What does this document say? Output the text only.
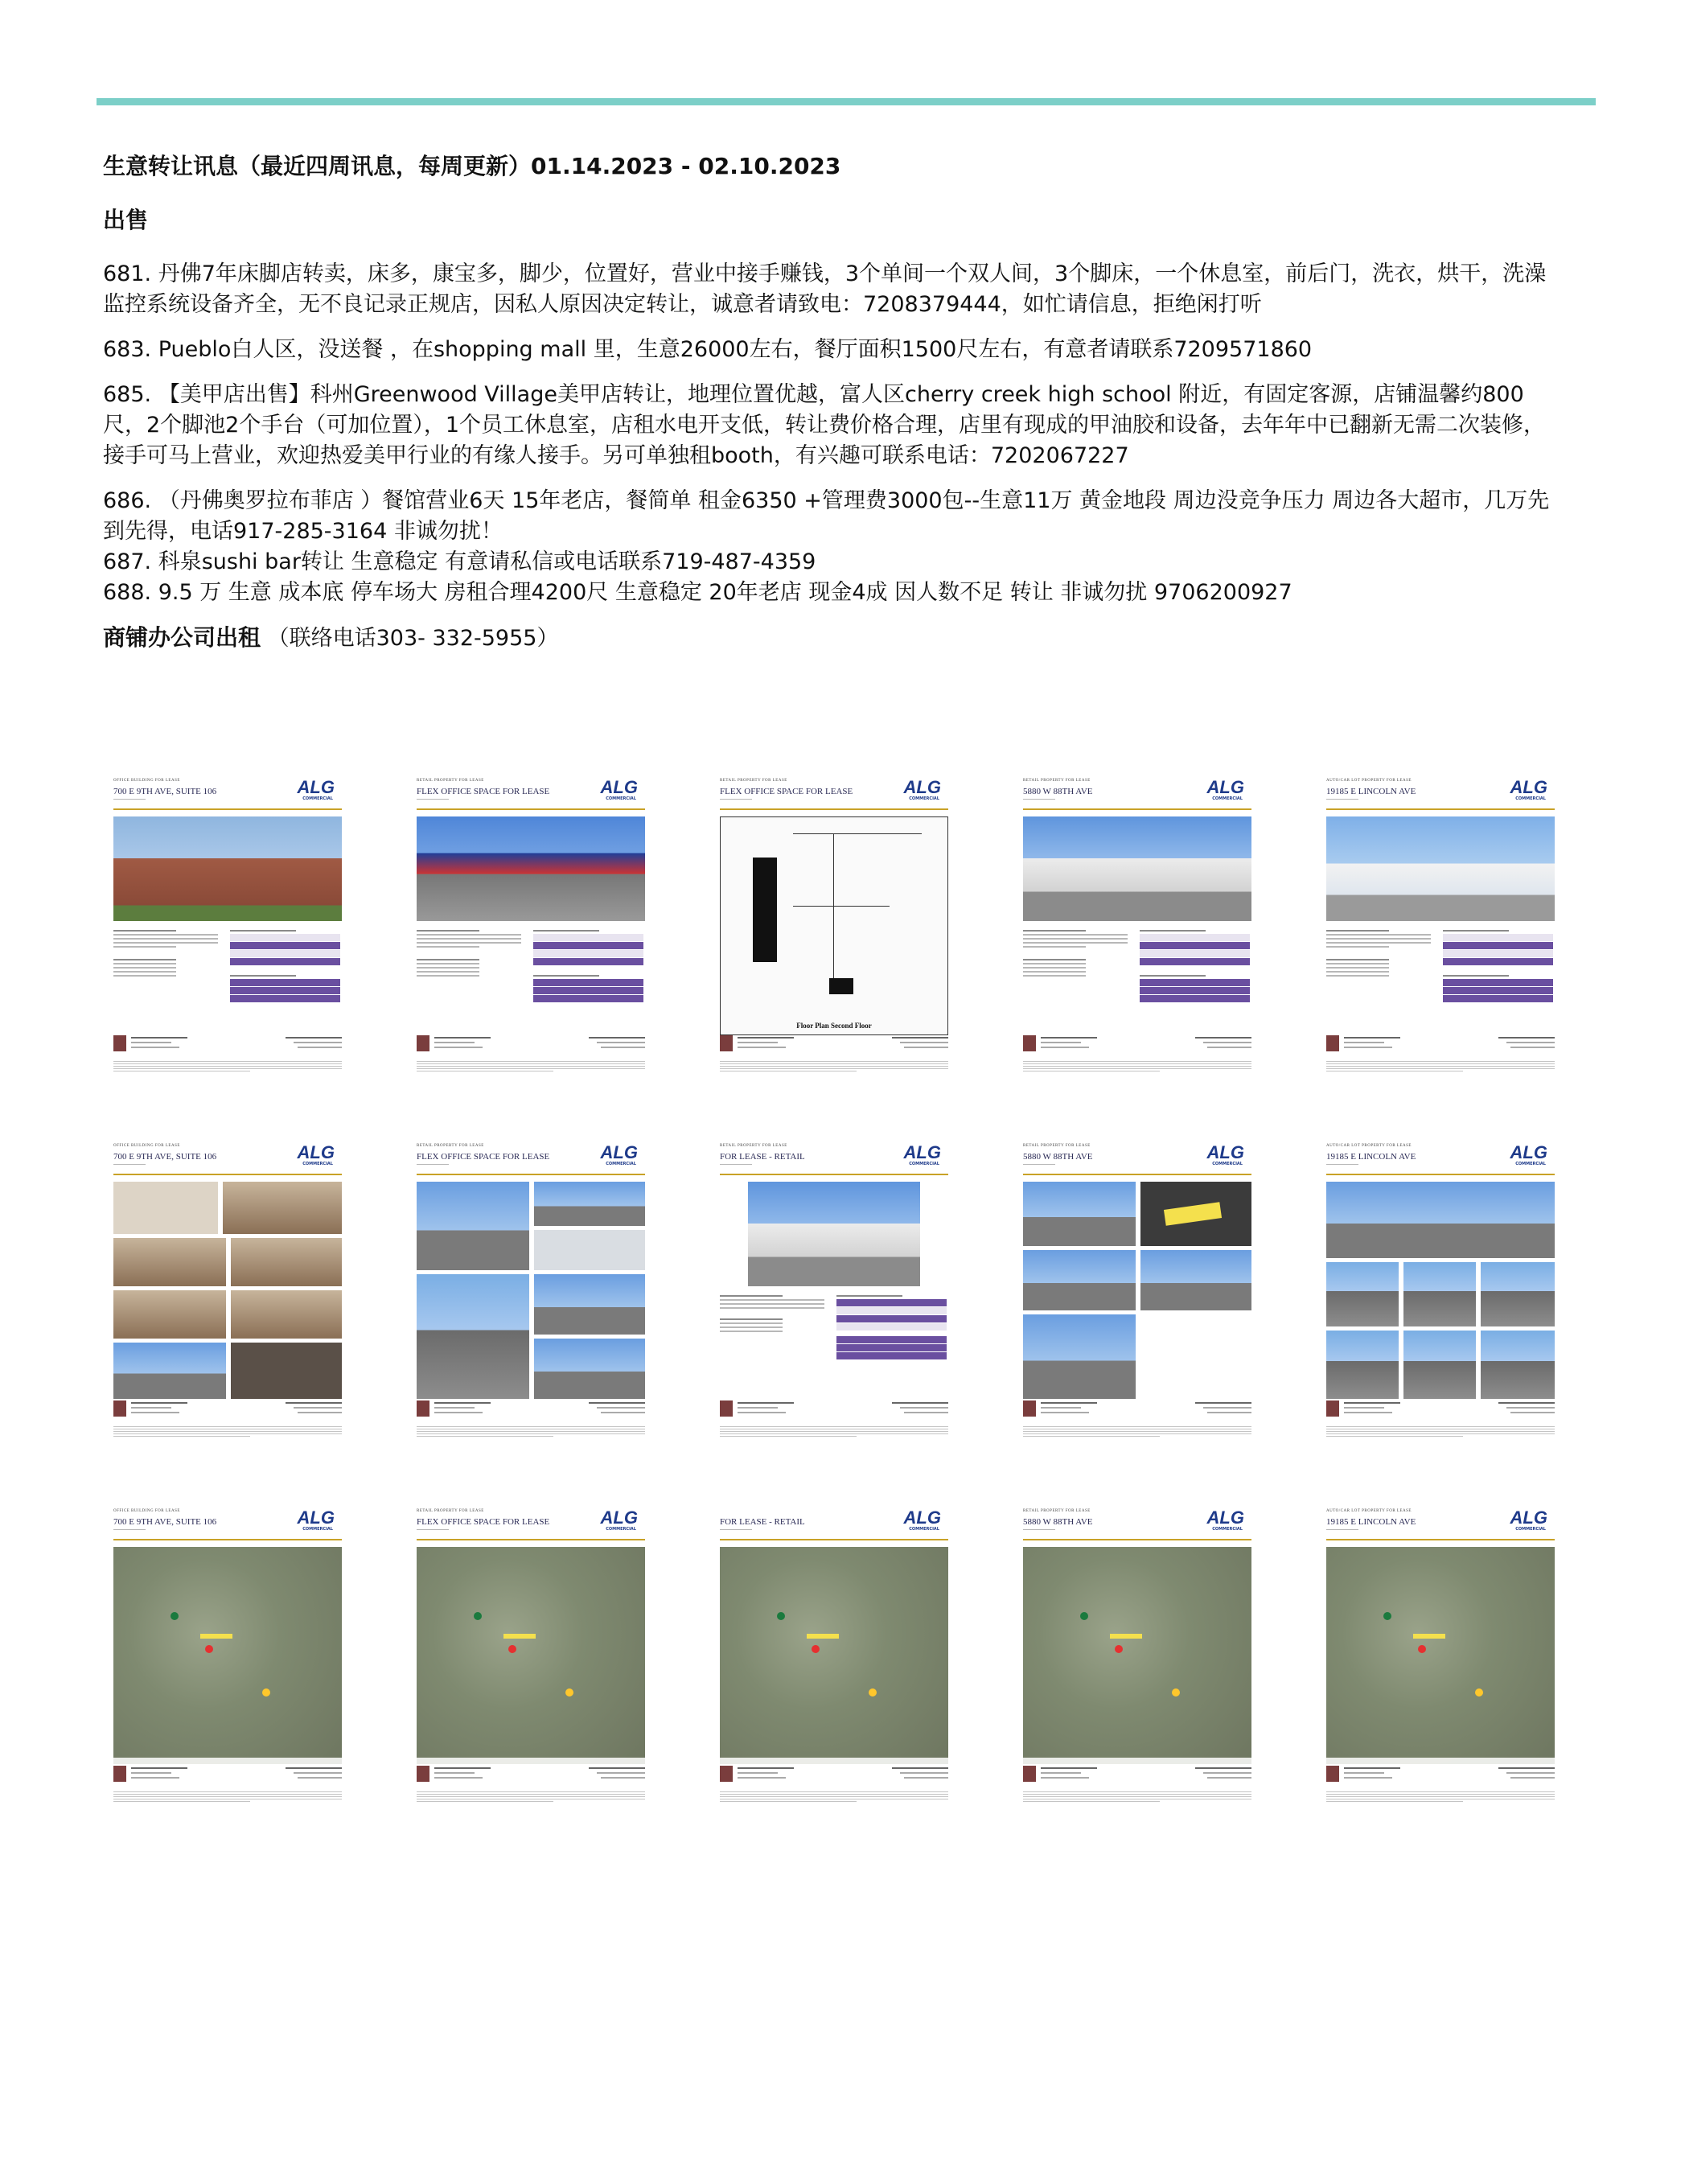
生意转让讯息（最近四周讯息，每周更新）01.14.2023 - 02.10.2023

出售

681. 丹佛7年床脚店转卖，床多，康宝多，脚少，位置好，营业中接手赚钱，3个单间一个双人间，3个脚床，一个休息室，前后门，洗衣，烘干，洗澡监控系统设备齐全，无不良记录正规店，因私人原因决定转让，诚意者请致电：7208379444，如忙请信息，拒绝闲打听

683. Pueblo白人区，没送餐 ，在shopping mall 里，生意26000左右，餐厅面积1500尺左右，有意者请联系7209571860

685. 【美甲店出售】科州Greenwood Village美甲店转让，地理位置优越，富人区cherry creek high school 附近，有固定客源，店铺温馨约800尺，2个脚池2个手台（可加位置），1个员工休息室，店租水电开支低，转让费价格合理，店里有现成的甲油胶和设备，去年年中已翻新无需二次装修，接手可马上营业，欢迎热爱美甲行业的有缘人接手。另可单独租booth，有兴趣可联系电话：7202067227

686. （丹佛奥罗拉布菲店 ）餐馆营业6天 15年老店，餐简单 租金6350 +管理费3000包--生意11万 黄金地段 周边没竞争压力 周边各大超市，几万先到先得，电话917-285-3164 非诚勿扰！

687. 科泉sushi bar转让 生意稳定 有意请私信或电话联系719-487-4359

688. 9.5 万 生意 成本底 停车场大 房租合理4200尺 生意稳定 20年老店 现金4成 因人数不足 转让 非诚勿扰 9706200927

商铺办公司出租 （联络电话303- 332-5955）

OFFICE BUILDING FOR LEASE
700 E 9TH AVE, SUITE 106	ALG
COMMERCIAL
RETAIL PROPERTY FOR LEASE
FLEX OFFICE SPACE FOR LEASE	ALG
COMMERCIAL
RETAIL PROPERTY FOR LEASE
FLEX OFFICE SPACE FOR LEASE	ALG
COMMERCIAL
Floor Plan Second Floor
RETAIL PROPERTY FOR LEASE
5880 W 88TH AVE	ALG
COMMERCIAL
AUTO/CAR LOT PROPERTY FOR LEASE
19185 E LINCOLN AVE	ALG
COMMERCIAL
OFFICE BUILDING FOR LEASE
700 E 9TH AVE, SUITE 106	ALG
COMMERCIAL
RETAIL PROPERTY FOR LEASE
FLEX OFFICE SPACE FOR LEASE	ALG
COMMERCIAL
RETAIL PROPERTY FOR LEASE
FOR LEASE - RETAIL	ALG
COMMERCIAL
RETAIL PROPERTY FOR LEASE
5880 W 88TH AVE	ALG
COMMERCIAL
AUTO/CAR LOT PROPERTY FOR LEASE
19185 E LINCOLN AVE	ALG
COMMERCIAL
OFFICE BUILDING FOR LEASE
700 E 9TH AVE, SUITE 106	ALG
COMMERCIAL
RETAIL PROPERTY FOR LEASE
FLEX OFFICE SPACE FOR LEASE	ALG
COMMERCIAL
FOR LEASE - RETAIL	ALG
COMMERCIAL
RETAIL PROPERTY FOR LEASE
5880 W 88TH AVE	ALG
COMMERCIAL
AUTO/CAR LOT PROPERTY FOR LEASE
19185 E LINCOLN AVE	ALG
COMMERCIAL
